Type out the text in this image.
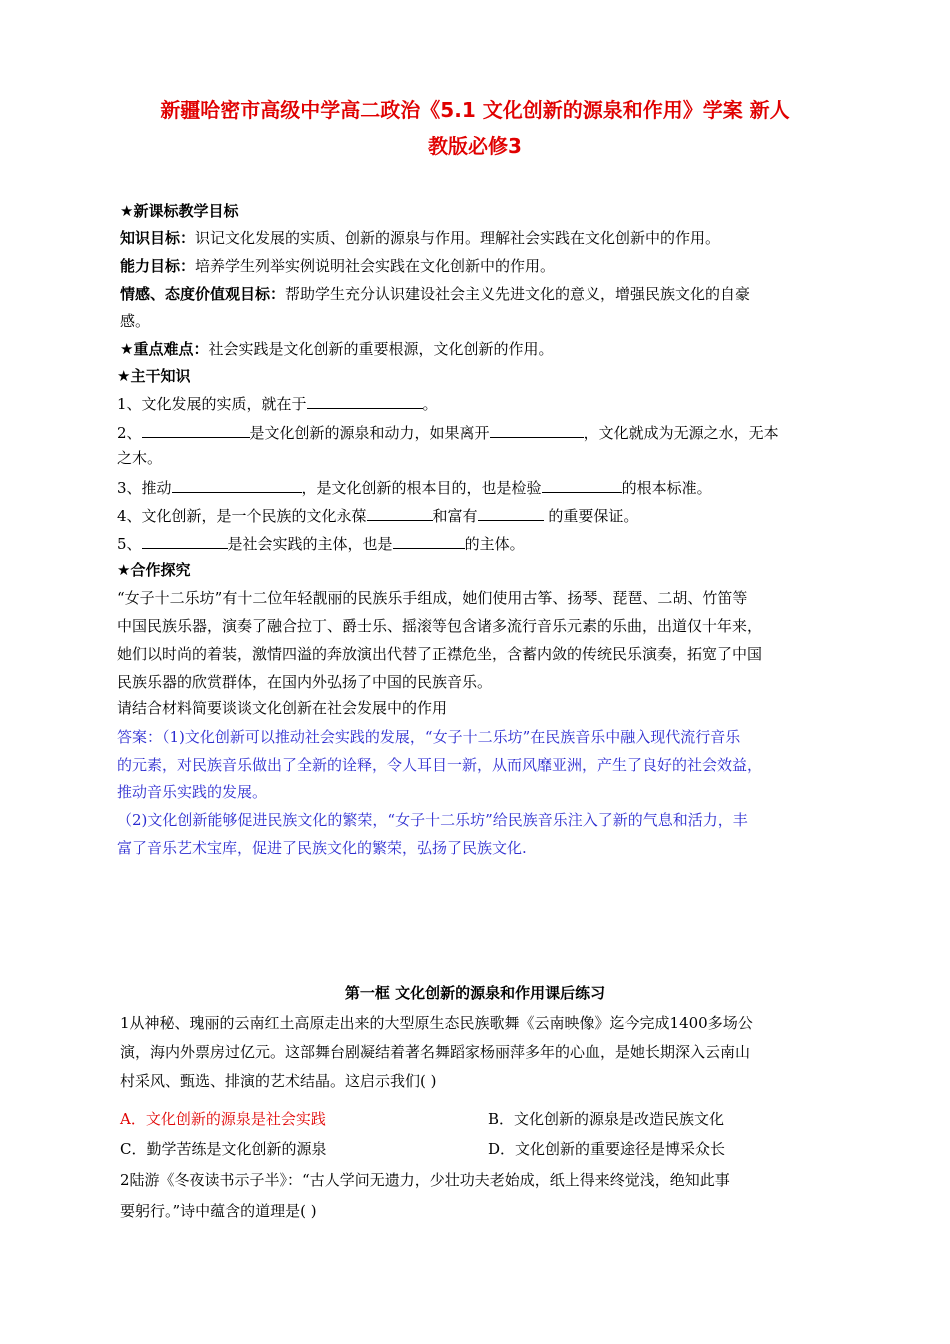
新疆哈密市高级中学高二政治《5.1 文化创新的源泉和作用》学案 新人
教版必修3
★新课标教学目标
知识目标：识记文化发展的实质、创新的源泉与作用。理解社会实践在文化创新中的作用。
能力目标：培养学生列举实例说明社会实践在文化创新中的作用。
情感、态度价值观目标：帮助学生充分认识建设社会主义先进文化的意义，增强民族文化的自豪
感。
★重点难点：社会实践是文化创新的重要根源，文化创新的作用。
★主干知识
1、文化发展的实质，就在于	。
2、	是文化创新的源泉和动力，如果离开	，文化就成为无源之水，无本
之木。
3、推动	，是文化创新的根本目的，也是检验	的根本标准。
4、文化创新，是一个民族的文化永葆	和富有	的重要保证。
5、	是社会实践的主体，也是	的主体。
★合作探究
“女子十二乐坊”有十二位年轻靓丽的民族乐手组成，她们使用古筝、扬琴、琵琶、二胡、竹笛等
中国民族乐器，演奏了融合拉丁、爵士乐、摇滚等包含诸多流行音乐元素的乐曲，出道仅十年来，
她们以时尚的着装，激情四溢的奔放演出代替了正襟危坐，含蓄内敛的传统民乐演奏，拓宽了中国
民族乐器的欣赏群体，在国内外弘扬了中国的民族音乐。
请结合材料简要谈谈文化创新在社会发展中的作用
答案：（1)文化创新可以推动社会实践的发展，“女子十二乐坊”在民族音乐中融入现代流行音乐
的元素，对民族音乐做出了全新的诠释，令人耳目一新，从而风靡亚洲，产生了良好的社会效益，
推动音乐实践的发展。
（2)文化创新能够促进民族文化的繁荣，“女子十二乐坊”给民族音乐注入了新的气息和活力，丰
富了音乐艺术宝库，促进了民族文化的繁荣，弘扬了民族文化.
第一框 文化创新的源泉和作用课后练习
1从神秘、瑰丽的云南红土高原走出来的大型原生态民族歌舞《云南映像》迄今完成1400多场公
演，海内外票房过亿元。这部舞台剧凝结着著名舞蹈家杨丽萍多年的心血，是她长期深入云南山
村采风、甄选、排演的艺术结晶。这启示我们( )
A．文化创新的源泉是社会实践	B．文化创新的源泉是改造民族文化
C．勤学苦练是文化创新的源泉	D．文化创新的重要途径是博采众长
2陆游《冬夜读书示子半》：“古人学问无遗力，少壮功夫老始成，纸上得来终觉浅，绝知此事
要躬行。”诗中蕴含的道理是( )
